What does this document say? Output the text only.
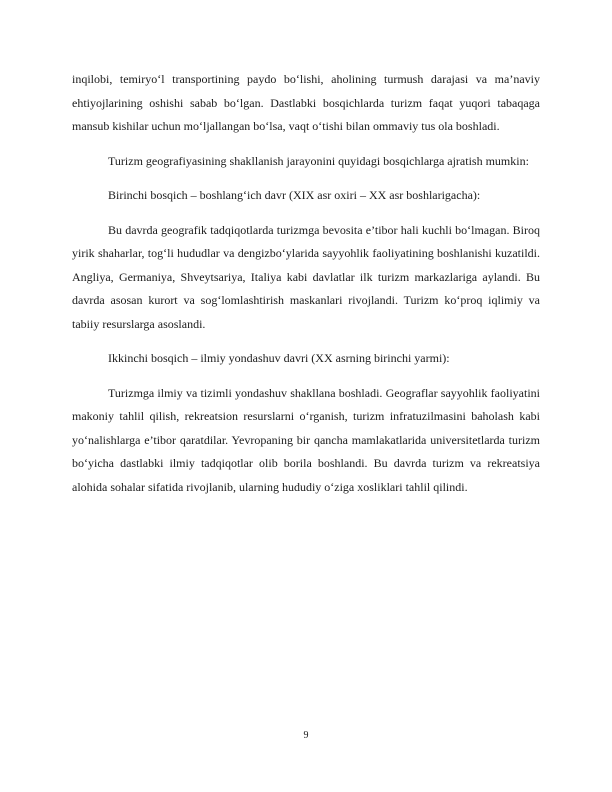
inqilobi, temiryo‘l transportining paydo bo‘lishi, aholining turmush darajasi va ma’naviy ehtiyojlarining oshishi sabab bo‘lgan. Dastlabki bosqichlarda turizm faqat yuqori tabaqaga mansub kishilar uchun mo‘ljallangan bo‘lsa, vaqt o‘tishi bilan ommaviy tus ola boshladi.

Turizm geografiyasining shakllanish jarayonini quyidagi bosqichlarga ajratish mumkin:

Birinchi bosqich – boshlang‘ich davr (XIX asr oxiri – XX asr boshlarigacha):

Bu davrda geografik tadqiqotlarda turizmga bevosita e’tibor hali kuchli bo‘lmagan. Biroq yirik shaharlar, tog‘li hududlar va dengizbo‘ylarida sayyohlik faoliyatining boshlanishi kuzatildi. Angliya, Germaniya, Shveytsariya, Italiya kabi davlatlar ilk turizm markazlariga aylandi. Bu davrda asosan kurort va sog‘lomlashtirish maskanlari rivojlandi. Turizm ko‘proq iqlimiy va tabiiy resurslarga asoslandi.

Ikkinchi bosqich – ilmiy yondashuv davri (XX asrning birinchi yarmi):

Turizmga ilmiy va tizimli yondashuv shakllana boshladi. Geograflar sayyohlik faoliyatini makoniy tahlil qilish, rekreatsion resurslarni o‘rganish, turizm infratuzilmasini baholash kabi yo‘nalishlarga e’tibor qaratdilar. Yevropaning bir qancha mamlakatlarida universitetlarda turizm bo‘yicha dastlabki ilmiy tadqiqotlar olib borila boshlandi. Bu davrda turizm va rekreatsiya alohida sohalar sifatida rivojlanib, ularning hududiy o‘ziga xosliklari tahlil qilindi.

9
